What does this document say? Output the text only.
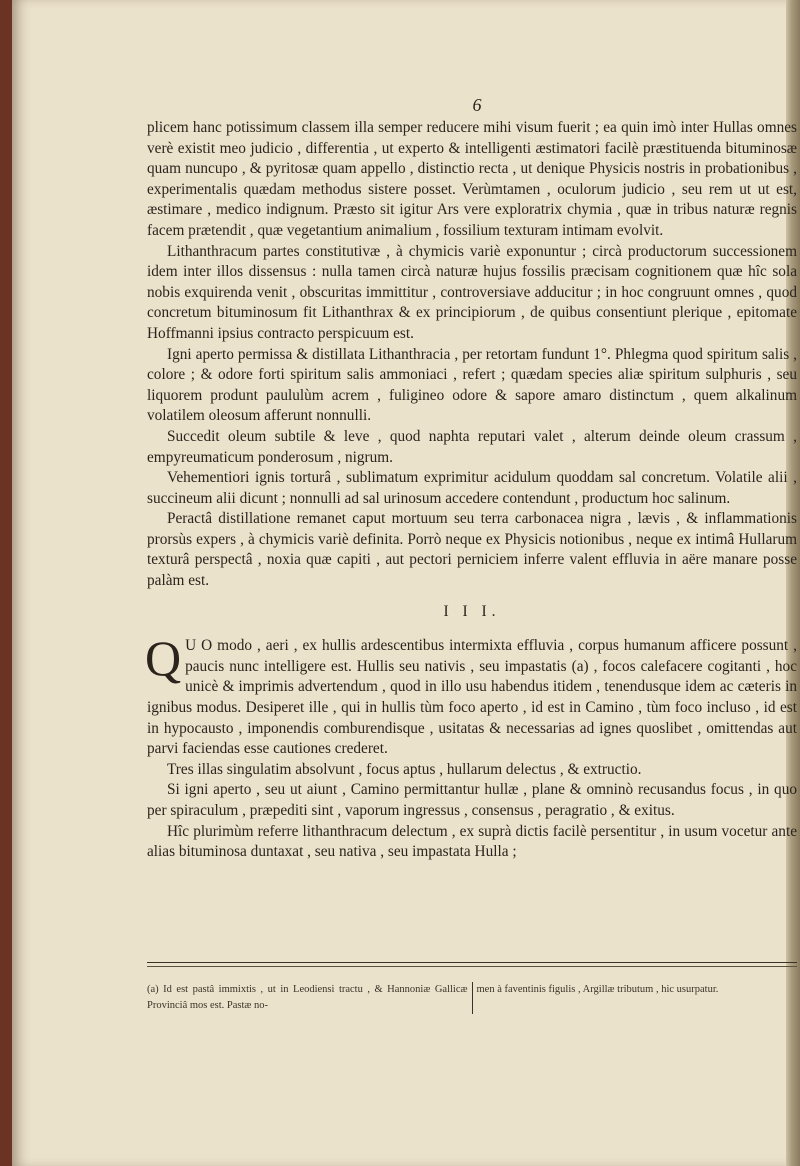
6

plicem hanc potissimum classem illa semper reducere mihi visum fuerit ; ea quin imò inter Hullas omnes verè existit meo judicio , differentia , ut experto & intelligenti æstimatori facilè præstituenda bituminosæ quam nuncupo , & pyritosæ quam appello , distinctio recta , ut denique Physicis nostris in probationibus , experimentalis quædam methodus sistere posset. Verùmtamen , oculorum judicio , seu rem ut ut est, æstimare , medico indignum. Præsto sit igitur Ars vere exploratrix chymia , quæ in tribus naturæ regnis facem prætendit , quæ vegetantium animalium , fossilium texturam intimam evolvit.

Lithanthracum partes constitutivæ , à chymicis variè exponuntur ; circà productorum successionem idem inter illos dissensus : nulla tamen circà naturæ hujus fossilis præcisam cognitionem quæ hîc sola nobis exquirenda venit , obscuritas immittitur , controversiave adducitur ; in hoc congruunt omnes , quod concretum bituminosum fit Lithanthrax & ex principiorum , de quibus consentiunt plerique , epitomate Hoffmanni ipsius contracto perspicuum est.

Igni aperto permissa & distillata Lithanthracia , per retortam fundunt 1°. Phlegma quod spiritum salis , colore ; & odore forti spiritum salis ammoniaci , refert ; quædam species aliæ spiritum sulphuris , seu liquorem produnt paululùm acrem , fuligineo odore & sapore amaro distinctum , quem alkalinum volatilem oleosum afferunt nonnulli.

Succedit oleum subtile & leve , quod naphta reputari valet , alterum deinde oleum crassum , empyreumaticum ponderosum , nigrum.

Vehementiori ignis torturâ , sublimatum exprimitur acidulum quoddam sal concretum. Volatile alii , succineum alii dicunt ; nonnulli ad sal urinosum accedere contendunt , productum hoc salinum.

Peractâ distillatione remanet caput mortuum seu terra carbonacea nigra , lævis , & inflammationis prorsùs expers , à chymicis variè definita. Porrò neque ex Physicis notionibus , neque ex intimâ Hullarum texturâ perspectâ , noxia quæ capiti , aut pectori perniciem inferre valent effluvia in aëre manare posse palàm est.

I I I.

Q U O modo , aeri , ex hullis ardescentibus intermixta effluvia , corpus humanum afficere possunt , paucis nunc intelligere est. Hullis seu nativis , seu impastatis (a) , focos calefacere cogitanti , hoc unicè & imprimis advertendum , quod in illo usu habendus itidem , tenendusque idem ac cæteris in ignibus modus. Desiperet ille , qui in hullis tùm foco aperto , id est in Camino , tùm foco incluso , id est in hypocausto , imponendis comburendisque , usitatas & necessarias ad ignes quoslibet , omittendas aut parvi faciendas esse cautiones crederet.

Tres illas singulatim absolvunt , focus aptus , hullarum delectus , & extructio.

Si igni aperto , seu ut aiunt , Camino permittantur hullæ , plane & omninò recusandus focus , in quo per spiraculum , præpediti sint , vaporum ingressus , consensus , peragratio , & exitus.

Hîc plurimùm referre lithanthracum delectum , ex suprà dictis facilè persentitur , in usum vocetur ante alias bituminosa duntaxat , seu nativa , seu impastata Hulla ;

(a) Id est pastâ immixtis , ut in Leodiensi tractu , & Hannoniæ Gallicæ Provinciâ mos est. Pastæ no-
men à faventinis figulis , Argillæ tributum , hic usurpatur.
